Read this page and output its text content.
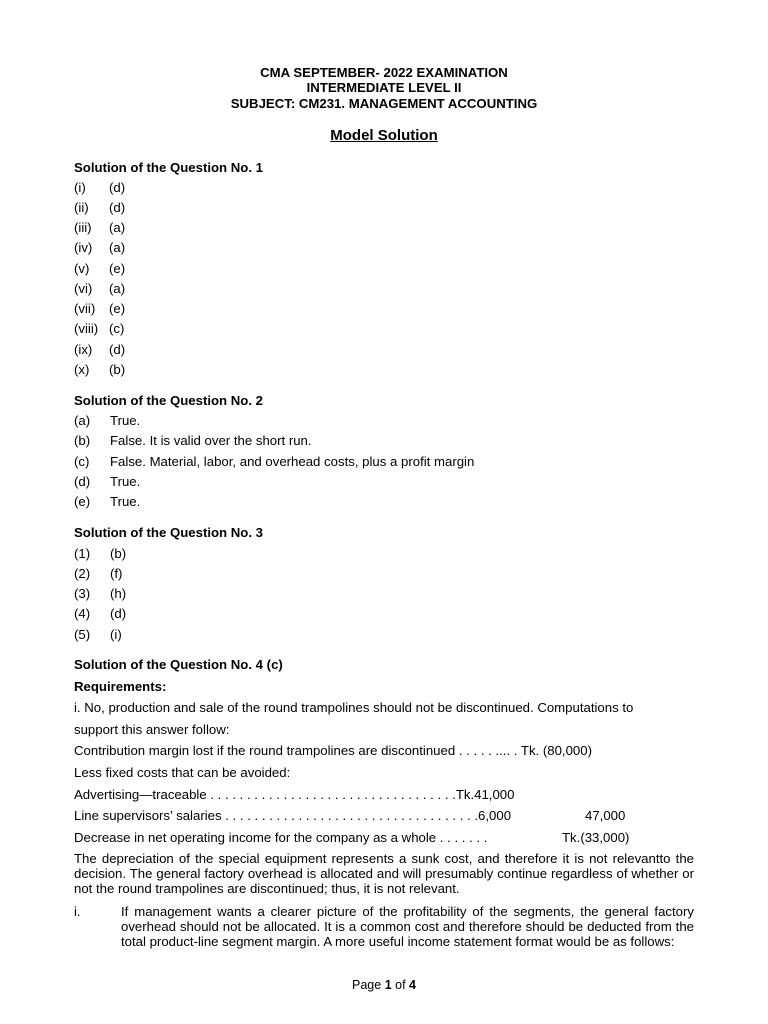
CMA SEPTEMBER- 2022 EXAMINATION
INTERMEDIATE LEVEL II
SUBJECT: CM231. MANAGEMENT ACCOUNTING
Model Solution
Solution of the Question No. 1
(i) (d)
(ii) (d)
(iii) (a)
(iv) (a)
(v) (e)
(vi) (a)
(vii) (e)
(viii) (c)
(ix) (d)
(x) (b)
Solution of the Question No. 2
(a) True.
(b) False. It is valid over the short run.
(c) False. Material, labor, and overhead costs, plus a profit margin
(d) True.
(e) True.
Solution of the Question No. 3
(1) (b)
(2) (f)
(3) (h)
(4) (d)
(5) (i)
Solution of the Question No. 4 (c)
Requirements:
i. No, production and sale of the round trampolines should not be discontinued. Computations to
support this answer follow:
Contribution margin lost if the round trampolines are discontinued . . . . . .... . Tk. (80,000)
Less fixed costs that can be avoided:
Advertising—traceable . . . . . . . . . . . . . . . . . . . . . . . . . . . . . . . . . .Tk.41,000
Line supervisors’ salaries . . . . . . . . . . . . . . . . . . . . . . . . . . . . . . . . . . .6,000	47,000
Decrease in net operating income for the company as a whole . . . . . . .	Tk.(33,000)
The depreciation of the special equipment represents a sunk cost, and therefore it is not relevantto the decision. The general factory overhead is allocated and will presumably continue regardless of whether or not the round trampolines are discontinued; thus, it is not relevant.
i.	If management wants a clearer picture of the profitability of the segments, the general factory overhead should not be allocated. It is a common cost and therefore should be deducted from the total product-line segment margin. A more useful income statement format would be as follows:
Page 1 of 4
